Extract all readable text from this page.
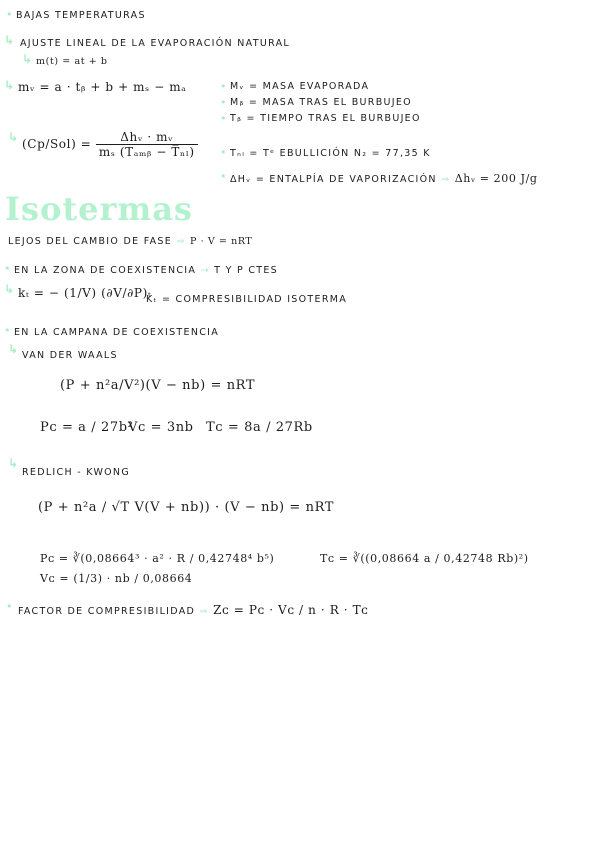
• BAJAS TEMPERATURAS
↳ AJUSTE LINEAL DE LA EVAPORACIÓN NATURAL
↳ m(t) = at + b
↳ mᵥ = a · tᵦ + b + mₛ − mₐ	• Mᵥ = MASA EVAPORADA
• Mᵦ = MASA TRAS EL BURBUJEO
• Tᵦ = TIEMPO TRAS EL BURBUJEO
↳ $(Cp/Sol) = \frac{\text{Δhᵥ · mᵥ}}{\text{mₛ (Tₐₘᵦ − T̅ₙₗ)}}$ • Tₙₗ = Tᵉ EBULLICIÓN N₂ = 77,35 K
• ΔHᵥ = ENTALPÍA DE VAPORIZACIÓN ⇒ Δhᵥ = 200 J/g
Isotermas
LEJOS DEL CAMBIO DE FASE ⇒ P · V = nRT
• EN LA ZONA DE COEXISTENCIA → T Y P CTES
↳ kₜ = − (1/V) (∂V/∂P)ₜ
Kₜ = COMPRESIBILIDAD ISOTERMA
• EN LA CAMPANA DE COEXISTENCIA
↳ VAN DER WAALS
(P + n²a/V²)(V − nb) = nRT
Pᴄ = a / 27b²
Vᴄ = 3nb Tᴄ = 8a / 27Rb
↳
REDLICH - KWONG
(P + n²a / √T V(V + nb)) · (V − nb) = nRT
Pᴄ = ∛(0,08664³ · a² · R / 0,42748⁴ b⁵)
Vᴄ = (1/3) · nb / 0,08664
Tᴄ = ∛((0,08664 a / 0,42748 Rb)²)
• FACTOR DE COMPRESIBILIDAD ⇒ Zᴄ = Pᴄ · Vᴄ / n · R · Tᴄ
